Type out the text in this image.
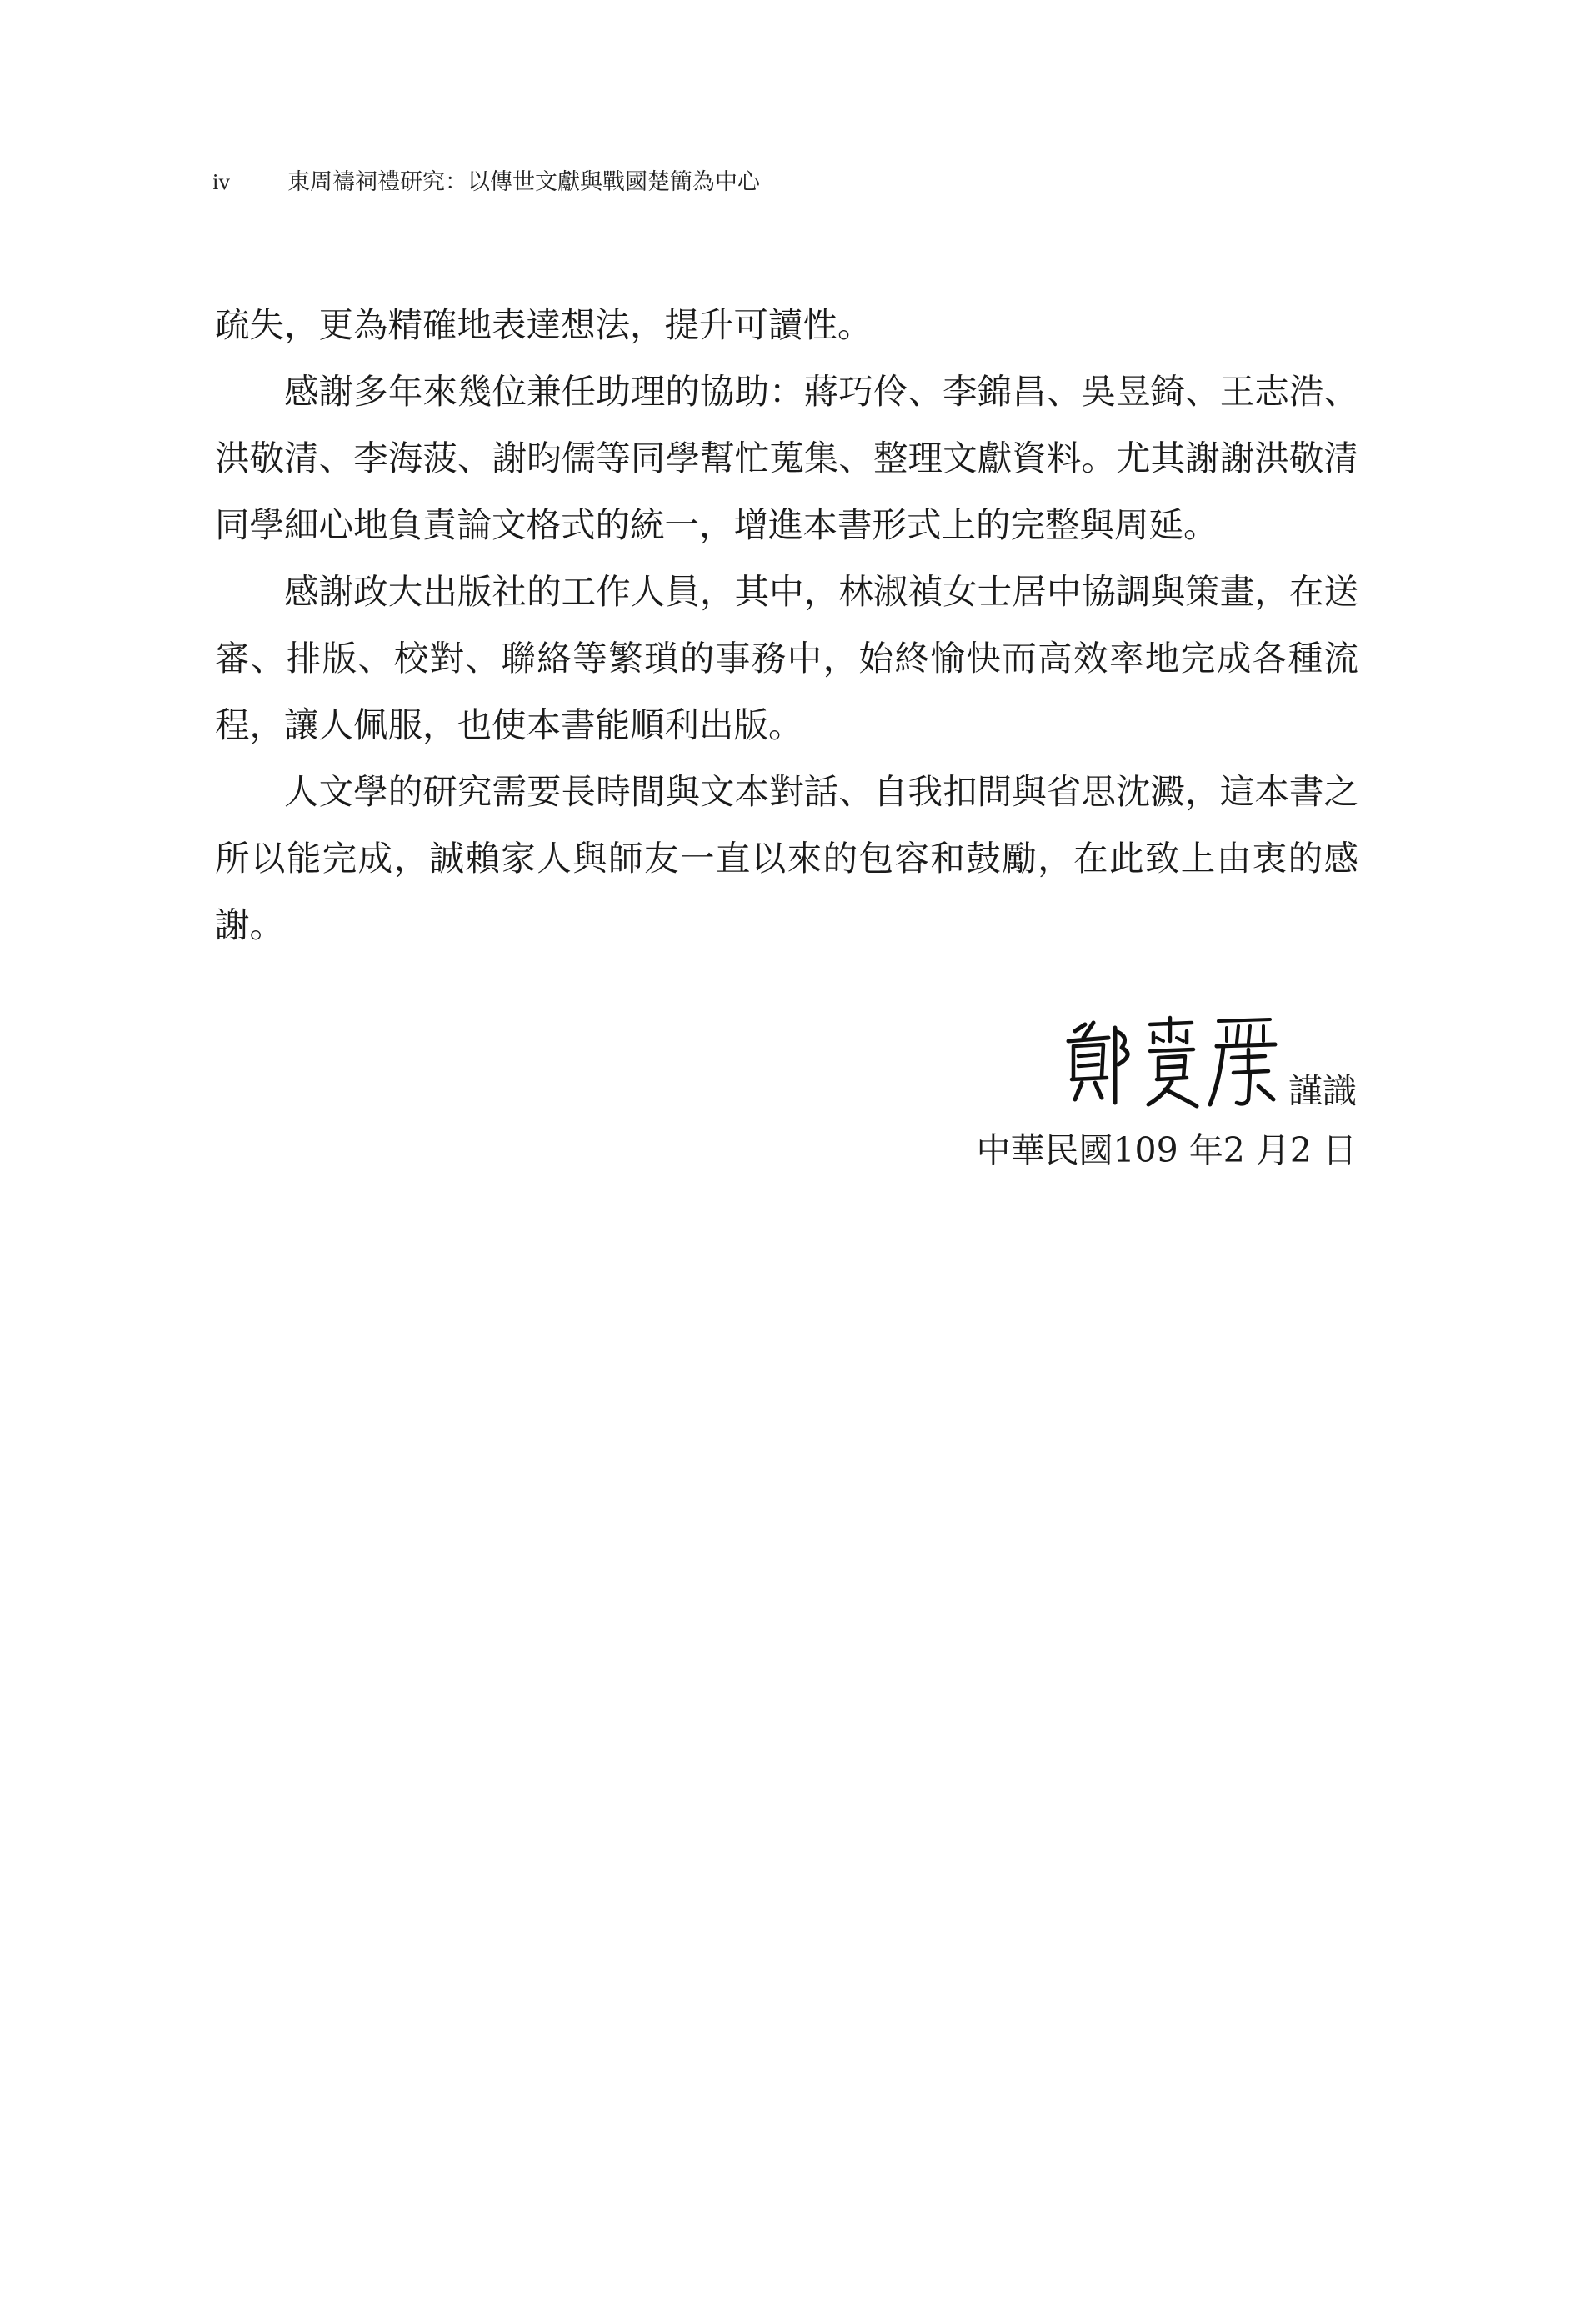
iv	東周禱祠禮研究：以傳世文獻與戰國楚簡為中心

疏失，更為精確地表達想法，提升可讀性。

感謝多年來幾位兼任助理的協助：蔣巧伶、李錦昌、吳昱錡、王志浩、洪敬清、李海菠、謝昀儒等同學幫忙蒐集、整理文獻資料。尤其謝謝洪敬清同學細心地負責論文格式的統一，增進本書形式上的完整與周延。

感謝政大出版社的工作人員，其中，林淑禎女士居中協調與策畫，在送審、排版、校對、聯絡等繁瑣的事務中，始終愉快而高效率地完成各種流程，讓人佩服，也使本書能順利出版。

人文學的研究需要長時間與文本對話、自我扣問與省思沈澱，這本書之所以能完成，誠賴家人與師友一直以來的包容和鼓勵，在此致上由衷的感謝。

謹識
中華民國109 年2 月2 日
